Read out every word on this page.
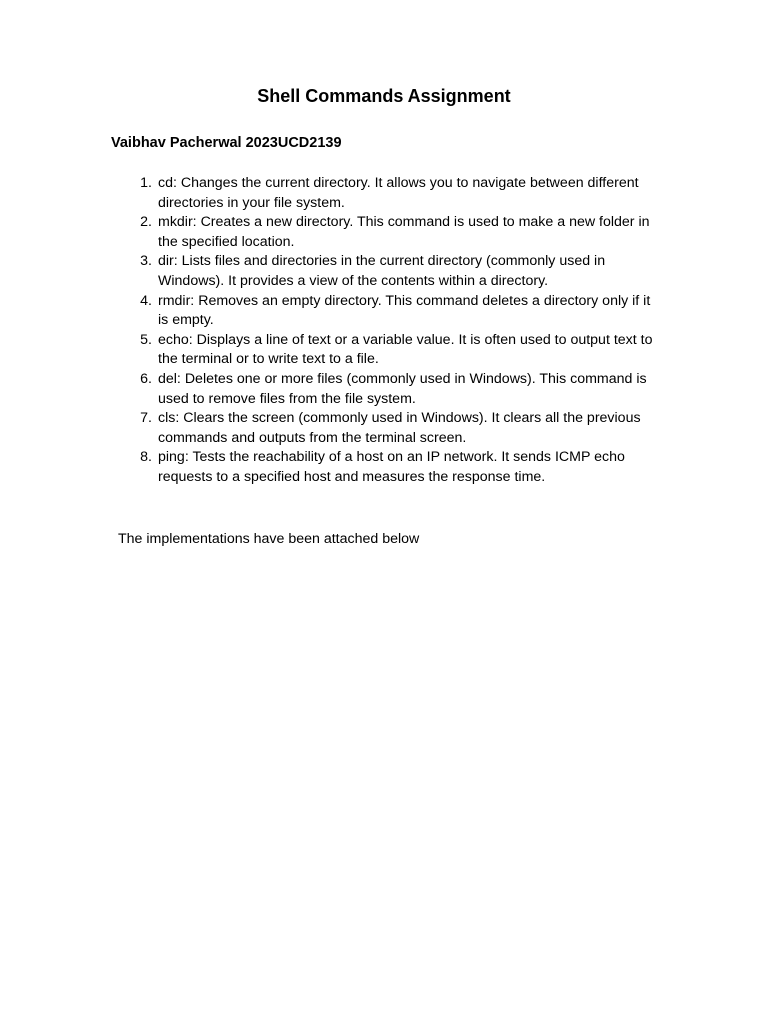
Shell Commands Assignment

Vaibhav Pacherwal 2023UCD2139

1. cd: Changes the current directory. It allows you to navigate between different directories in your file system.
2. mkdir: Creates a new directory. This command is used to make a new folder in the specified location.
3. dir: Lists files and directories in the current directory (commonly used in Windows). It provides a view of the contents within a directory.
4. rmdir: Removes an empty directory. This command deletes a directory only if it is empty.
5. echo: Displays a line of text or a variable value. It is often used to output text to the terminal or to write text to a file.
6. del: Deletes one or more files (commonly used in Windows). This command is used to remove files from the file system.
7. cls: Clears the screen (commonly used in Windows). It clears all the previous commands and outputs from the terminal screen.
8. ping: Tests the reachability of a host on an IP network. It sends ICMP echo requests to a specified host and measures the response time.

The implementations have been attached below
